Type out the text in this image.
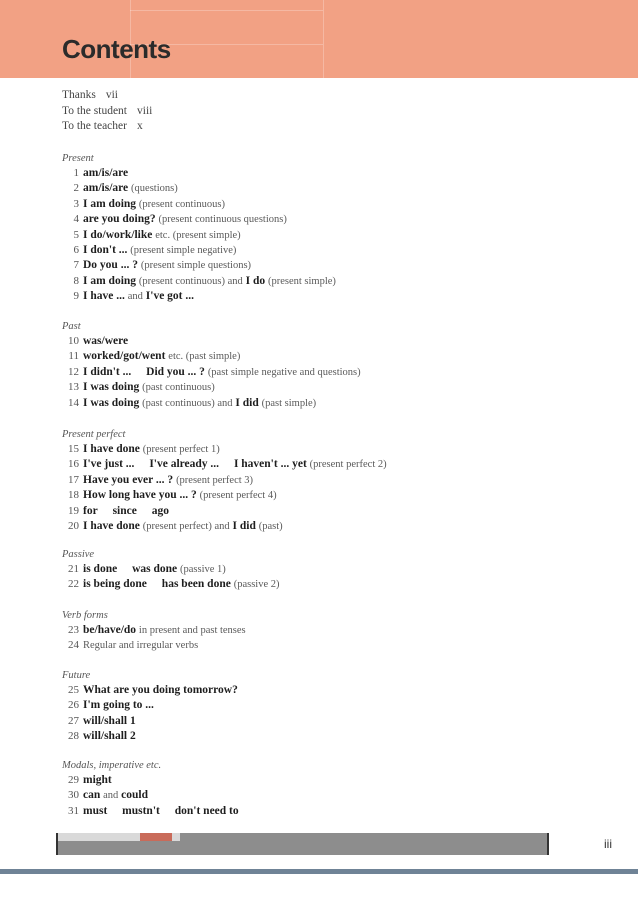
Contents
Thanks vii
To the student viii
To the teacher x
Present
1 am/is/are
2 am/is/are (questions)
3 I am doing (present continuous)
4 are you doing? (present continuous questions)
5 I do/work/like etc. (present simple)
6 I don't ... (present simple negative)
7 Do you ... ? (present simple questions)
8 I am doing (present continuous) and I do (present simple)
9 I have ... and I've got ...
Past
10 was/were
11 worked/got/went etc. (past simple)
12 I didn't ... Did you ... ? (past simple negative and questions)
13 I was doing (past continuous)
14 I was doing (past continuous) and I did (past simple)
Present perfect
15 I have done (present perfect 1)
16 I've just ... I've already ... I haven't ... yet (present perfect 2)
17 Have you ever ... ? (present perfect 3)
18 How long have you ... ? (present perfect 4)
19 for since ago
20 I have done (present perfect) and I did (past)
Passive
21 is done was done (passive 1)
22 is being done has been done (passive 2)
Verb forms
23 be/have/do in present and past tenses
24 Regular and irregular verbs
Future
25 What are you doing tomorrow?
26 I'm going to ...
27 will/shall 1
28 will/shall 2
Modals, imperative etc.
29 might
30 can and could
31 must mustn't don't need to
iii
